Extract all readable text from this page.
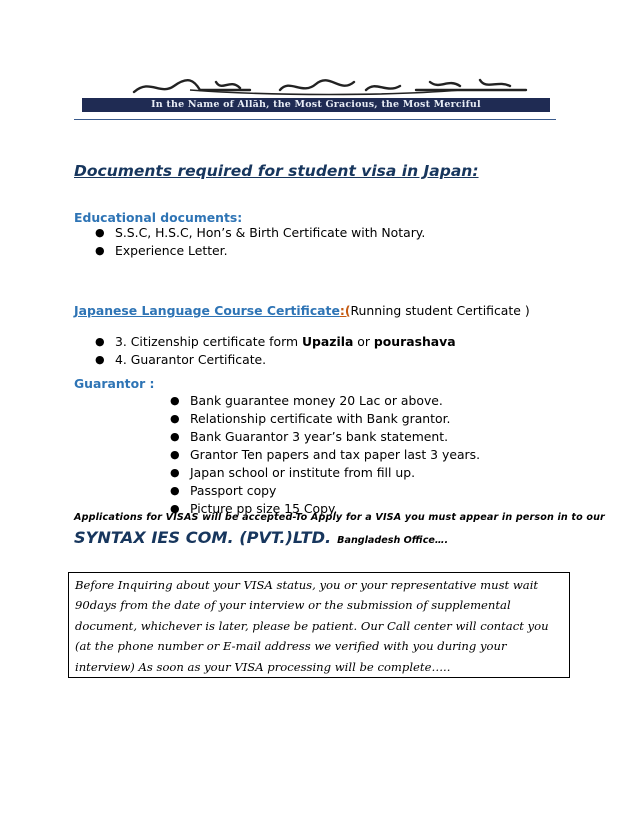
In the Name of Allāh, the Most Gracious, the Most Merciful
Documents required for student visa in Japan:
Educational documents:
● S.S.C, H.S.C, Hon’s & Birth Certificate with Notary.
● Experience Letter.
Japanese Language Course Certificate:(Running student Certificate )
● 3. Citizenship certificate form Upazila or pourashava
● 4. Guarantor Certificate.
Guarantor :
● Bank guarantee money 20 Lac or above.
● Relationship certificate with Bank grantor.
● Bank Guarantor 3 year’s bank statement.
● Grantor Ten papers and tax paper last 3 years.
● Japan school or institute from fill up.
● Passport copy
● Picture pp size 15 Copy.
Applications for VISAS will be accepted-To Apply for a VISA you must appear in person in to our
SYNTAX IES COM. (PVT.)LTD. Bangladesh Office….
Before Inquiring about your VISA status, you or your representative must wait 90days from the date of your interview or the submission of supplemental document, whichever is later, please be patient. Our Call center will contact you (at the phone number or E-mail address we verified with you during your interview) As soon as your VISA processing will be complete…..
